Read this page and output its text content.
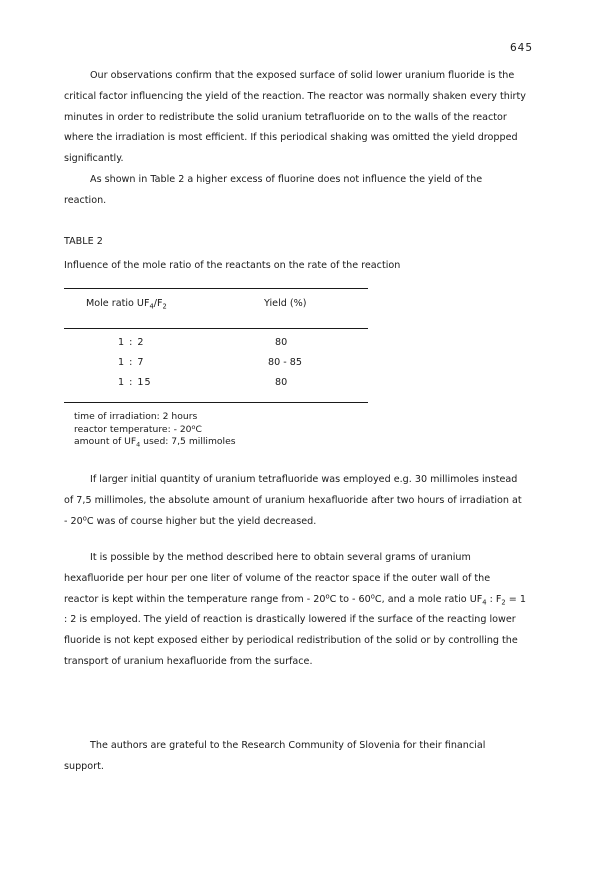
645

Our observations confirm that the exposed surface of solid lower uranium fluoride is the critical factor influencing the yield of the reaction. The reactor was normally shaken every thirty minutes in order to redistribute the solid uranium tetrafluoride on to the walls of the reactor where the irradiation is most efficient. If this periodical shaking was omitted the yield dropped significantly.

As shown in Table 2 a higher excess of fluorine does not influence the yield of the reaction.

TABLE 2
Influence of the mole ratio of the reactants on the rate of the reaction
Mole ratio $UF_4/F_2$	Yield (%)
1 : 2	80
1 : 7	80 - 85
1 : 15	80
time of irradiation: 2 hours
reactor temperature: - 20$^o$C
amount of $UF_4$ used: 7,5 millimoles

If larger initial quantity of uranium tetrafluoride was employed e.g. 30 millimoles instead of 7,5 millimoles, the absolute amount of uranium hexafluoride after two hours of irradiation at - 20$^o$C was of course higher but the yield decreased.

It is possible by the method described here to obtain several grams of uranium hexafluoride per hour per one liter of volume of the reactor space if the outer wall of the reactor is kept within the temperature range from - 20$^o$C to - 60$^o$C, and a mole ratio $UF_4$ : $F_2 = 1$ : 2 is employed. The yield of reaction is drastically lowered if the surface of the reacting lower fluoride is not kept exposed either by periodical redistribution of the solid or by controlling the transport of uranium hexafluoride from the surface.

The authors are grateful to the Research Community of Slovenia for their financial support.
